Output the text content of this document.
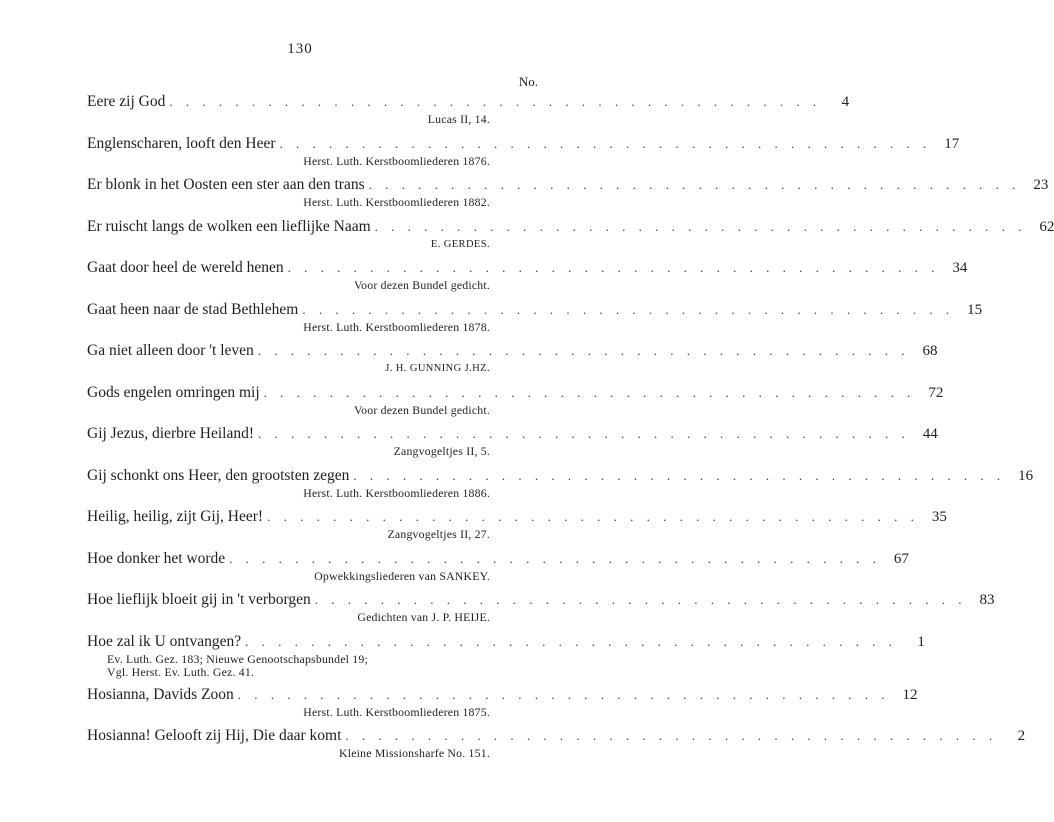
130
No.
Eere zij God . . . . . . . . . . . . . . . . . . . . . . . . . . . . . . . . . . . . . . . .	4
Lucas II, 14.
Englenscharen, looft den Heer . . . . . . . . . . . . . . . . . . . . . . . . . . . . . . . . . . . . . . . . 17
Herst. Luth. Kerstboomliederen 1876.
Er blonk in het Oosten een ster aan den trans . . . . . . . . . . . . . . . . . . . . . . . . . . . . . . . . . . . . . . . . 23
Herst. Luth. Kerstboomliederen 1882.
Er ruischt langs de wolken een lieflijke Naam . . . . . . . . . . . . . . . . . . . . . . . . . . . . . . . . . . . . . . . . 62
E. GERDES.
Gaat door heel de wereld henen . . . . . . . . . . . . . . . . . . . . . . . . . . . . . . . . . . . . . . . . 34
Voor dezen Bundel gedicht.
Gaat heen naar de stad Bethlehem . . . . . . . . . . . . . . . . . . . . . . . . . . . . . . . . . . . . . . . . 15
Herst. Luth. Kerstboomliederen 1878.
Ga niet alleen door 't leven . . . . . . . . . . . . . . . . . . . . . . . . . . . . . . . . . . . . . . . . 68
J. H. GUNNING J.HZ.
Gods engelen omringen mij . . . . . . . . . . . . . . . . . . . . . . . . . . . . . . . . . . . . . . . . 72
Voor dezen Bundel gedicht.
Gij Jezus, dierbre Heiland! . . . . . . . . . . . . . . . . . . . . . . . . . . . . . . . . . . . . . . . . 44
Zangvogeltjes II, 5.
Gij schonkt ons Heer, den grootsten zegen . . . . . . . . . . . . . . . . . . . . . . . . . . . . . . . . . . . . . . . . 16
Herst. Luth. Kerstboomliederen 1886.
Heilig, heilig, zijt Gij, Heer! . . . . . . . . . . . . . . . . . . . . . . . . . . . . . . . . . . . . . . . . 35
Zangvogeltjes II, 27.
Hoe donker het worde . . . . . . . . . . . . . . . . . . . . . . . . . . . . . . . . . . . . . . . . 67
Opwekkingsliederen van SANKEY.
Hoe lieflijk bloeit gij in 't verborgen . . . . . . . . . . . . . . . . . . . . . . . . . . . . . . . . . . . . . . . . 83
Gedichten van J. P. HEIJE.
Hoe zal ik U ontvangen? . . . . . . . . . . . . . . . . . . . . . . . . . . . . . . . . . . . . . . . .	1
Ev. Luth. Gez. 183; Nieuwe Genootschapsbundel 19;
Vgl. Herst. Ev. Luth. Gez. 41.
Hosianna, Davids Zoon . . . . . . . . . . . . . . . . . . . . . . . . . . . . . . . . . . . . . . . . 12
Herst. Luth. Kerstboomliederen 1875.
Hosianna! Gelooft zij Hij, Die daar komt . . . . . . . . . . . . . . . . . . . . . . . . . . . . . . . . . . . . . . . .	2
Kleine Missionsharfe No. 151.
